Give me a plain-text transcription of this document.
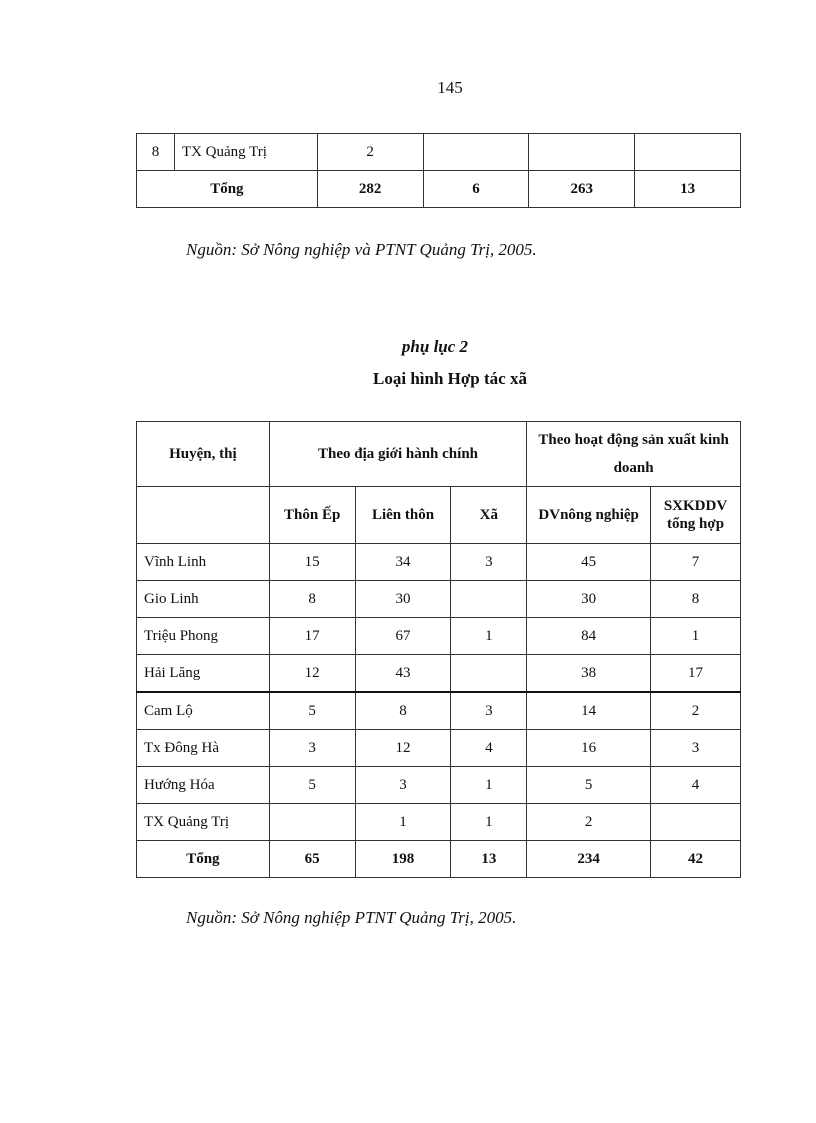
145
8	TX Quảng Trị	2			
Tổng		282	6	263	13
Nguồn: Sở Nông nghiệp và PTNT Quảng Trị, 2005.
phụ lục 2
Loại hình Hợp tác xã
Huyện, thị	Theo địa giới hành chính			Theo hoạt động sản xuất kinh doanh	
	Thôn Ếp	Liên thôn	Xã	DVnông nghiệp	SXKDDV tổng hợp
Vĩnh Linh	15	34	3	45	7
Gio Linh	8	30		30	8
Triệu Phong	17	67	1	84	1
Hải Lăng	12	43		38	17
Cam Lộ	5	8	3	14	2
Tx Đông Hà	3	12	4	16	3
Hướng Hóa	5	3	1	5	4
TX Quảng Trị		1	1	2	
Tổng	65	198	13	234	42
Nguồn: Sở Nông nghiệp PTNT Quảng Trị, 2005.
